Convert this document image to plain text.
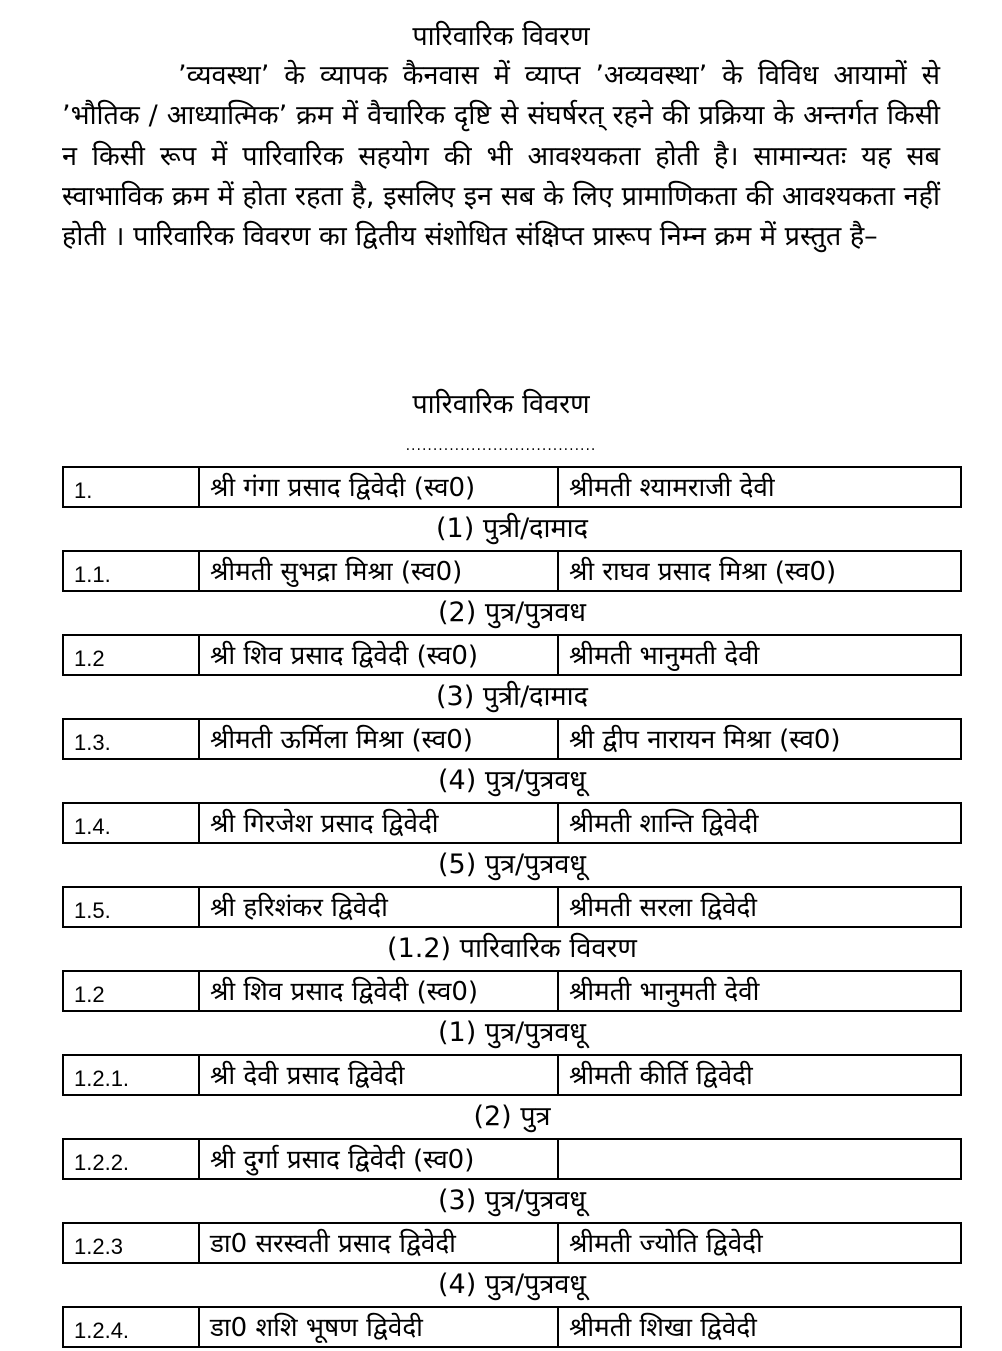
पारिवारिक विवरण

’व्यवस्था’ के व्यापक कैनवास में व्याप्त ’अव्यवस्था’ के विविध आयामों से ’भौतिक / आध्यात्मिक’ क्रम में वैचारिक दृष्टि से संघर्षरत् रहने की प्रक्रिया के अन्तर्गत किसी न किसी रूप में पारिवारिक सहयोग की भी आवश्यकता होती है। सामान्यतः यह सब स्वाभाविक क्रम में होता रहता है, इसलिए इन सब के लिए प्रामाणिकता की आवश्यकता नहीं होती । पारिवारिक विवरण का द्वितीय संशोधित संक्षिप्त प्रारूप निम्न क्रम में प्रस्तुत है–

पारिवारिक विवरण
...................................
1.	श्री गंगा प्रसाद द्विवेदी (स्व0)	श्रीमती श्यामराजी देवी
(1) पुत्री/दामाद
1.1.	श्रीमती सुभद्रा मिश्रा (स्व0)	श्री राघव प्रसाद मिश्रा (स्व0)
(2) पुत्र/पुत्रवध
1.2	श्री शिव प्रसाद द्विवेदी (स्व0)	श्रीमती भानुमती देवी
(3) पुत्री/दामाद
1.3.	श्रीमती ऊर्मिला मिश्रा (स्व0)	श्री द्वीप नारायन मिश्रा (स्व0)
(4) पुत्र/पुत्रवधू
1.4.	श्री गिरजेश प्रसाद द्विवेदी	श्रीमती शान्ति द्विवेदी
(5) पुत्र/पुत्रवधू
1.5.	श्री हरिशंकर द्विवेदी	श्रीमती सरला द्विवेदी
(1.2) पारिवारिक विवरण
1.2	श्री शिव प्रसाद द्विवेदी (स्व0)	श्रीमती भानुमती देवी
(1) पुत्र/पुत्रवधू
1.2.1.	श्री देवी प्रसाद द्विवेदी	श्रीमती कीर्ति द्विवेदी
(2) पुत्र
1.2.2.	श्री दुर्गा प्रसाद द्विवेदी (स्व0)
(3) पुत्र/पुत्रवधू
1.2.3	डा0 सरस्वती प्रसाद द्विवेदी	श्रीमती ज्योति द्विवेदी
(4) पुत्र/पुत्रवधू
1.2.4.	डा0 शशि भूषण द्विवेदी	श्रीमती शिखा द्विवेदी
